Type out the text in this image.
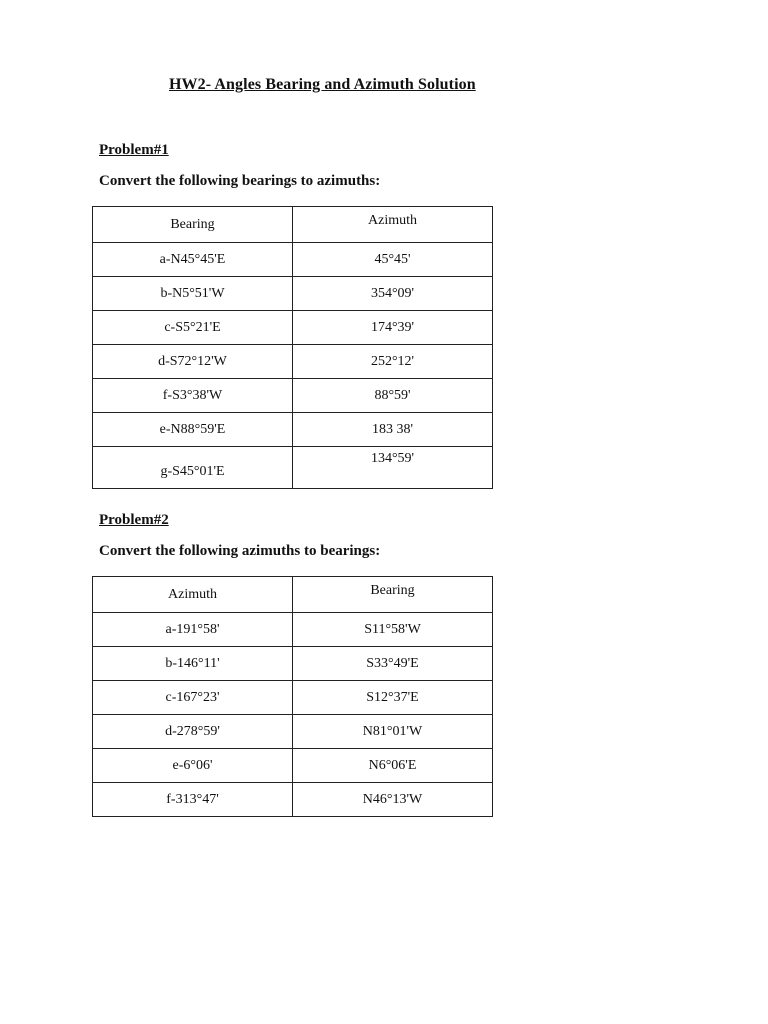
HW2- Angles Bearing and Azimuth Solution
Problem#1

Convert the following bearings to azimuths:

Bearing	Azimuth
a-N45°45'E	45°45'
b-N5°51'W	354°09'
c-S5°21'E	174°39'
d-S72°12'W	252°12'
f-S3°38'W	88°59'
e-N88°59'E	183 38'
g-S45°01'E	134°59'
Problem#2

Convert the following azimuths to bearings:

Azimuth	Bearing
a-191°58'	S11°58'W
b-146°11'	S33°49'E
c-167°23'	S12°37'E
d-278°59'	N81°01'W
e-6°06'	N6°06'E
f-313°47'	N46°13'W
